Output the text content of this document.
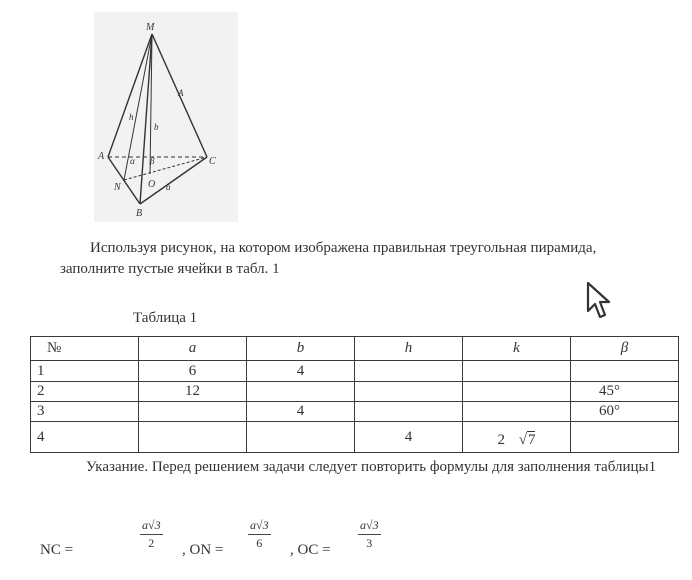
M
A	C
B
N	O
h
b
a
α β
A
Используя рисунок, на котором изображена правильная треугольная пирамида, заполните пустые ячейки в табл. 1
Таблица 1
№	a	b	h	k	β
1	6	4			
2	12				45°
3		4			60°
4			4	2 √7	
Указание. Перед решением задачи следует повторить формулы для заполнения таблицы1
NC =
a√3
2	, ON =
a√3
6	, OC =
a√3
3
